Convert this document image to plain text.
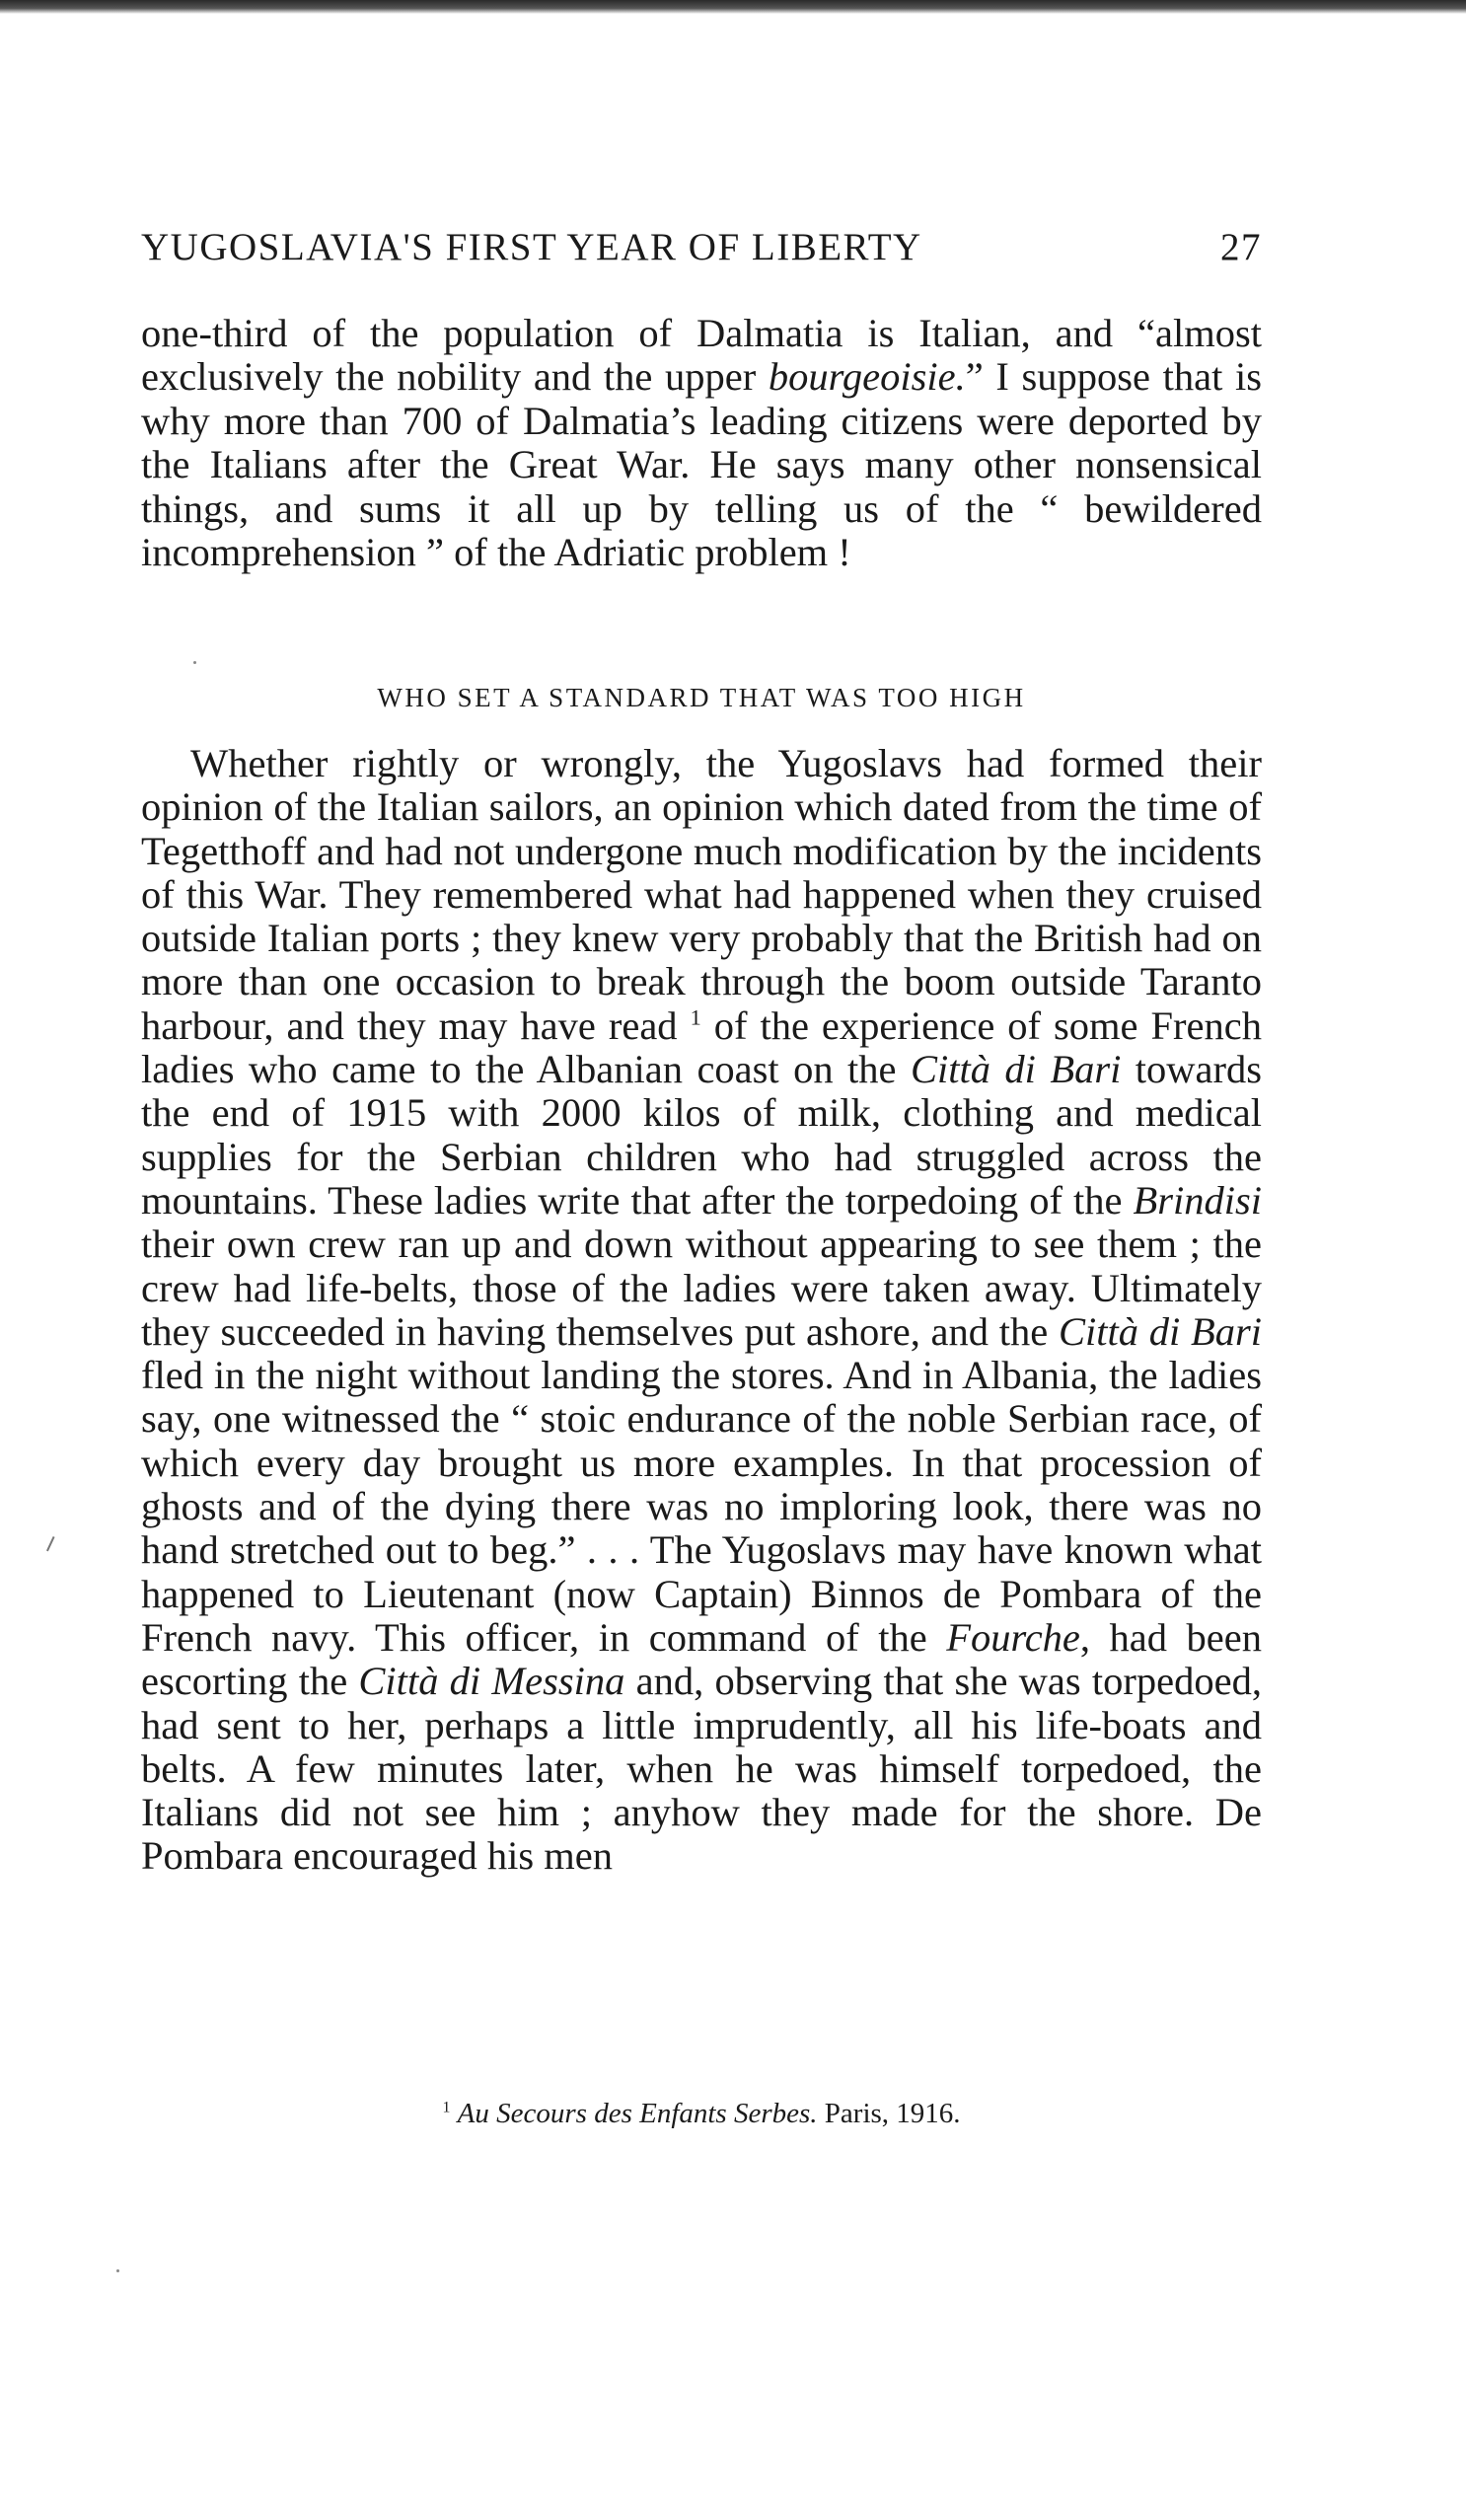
YUGOSLAVIA'S FIRST YEAR OF LIBERTY	27

one-third of the population of Dalmatia is Italian, and “almost exclusively the nobility and the upper bourgeoisie.” I suppose that is why more than 700 of Dalmatia’s leading citizens were deported by the Italians after the Great War. He says many other nonsensical things, and sums it all up by telling us of the “ bewildered incomprehension ” of the Adriatic problem !

WHO SET A STANDARD THAT WAS TOO HIGH

Whether rightly or wrongly, the Yugoslavs had formed their opinion of the Italian sailors, an opinion which dated from the time of Tegetthoff and had not undergone much modification by the incidents of this War. They remembered what had happened when they cruised outside Italian ports ; they knew very probably that the British had on more than one occasion to break through the boom outside Taranto harbour, and they may have read $^1$ of the experience of some French ladies who came to the Albanian coast on the Città di Bari towards the end of 1915 with 2000 kilos of milk, clothing and medical supplies for the Serbian children who had struggled across the mountains. These ladies write that after the torpedoing of the Brindisi their own crew ran up and down without appearing to see them ; the crew had life-belts, those of the ladies were taken away. Ultimately they succeeded in having themselves put ashore, and the Città di Bari fled in the night without landing the stores. And in Albania, the ladies say, one witnessed the “ stoic endurance of the noble Serbian race, of which every day brought us more examples. In that procession of ghosts and of the dying there was no imploring look, there was no hand stretched out to beg.” . . . The Yugoslavs may have known what happened to Lieutenant (now Captain) Binnos de Pombara of the French navy. This officer, in command of the Fourche, had been escorting the Città di Messina and, observing that she was torpedoed, had sent to her, perhaps a little imprudently, all his life-boats and belts. A few minutes later, when he was himself torpedoed, the Italians did not see him ; anyhow they made for the shore. De Pombara encouraged his men

$^1$ Au Secours des Enfants Serbes. Paris, 1916.
